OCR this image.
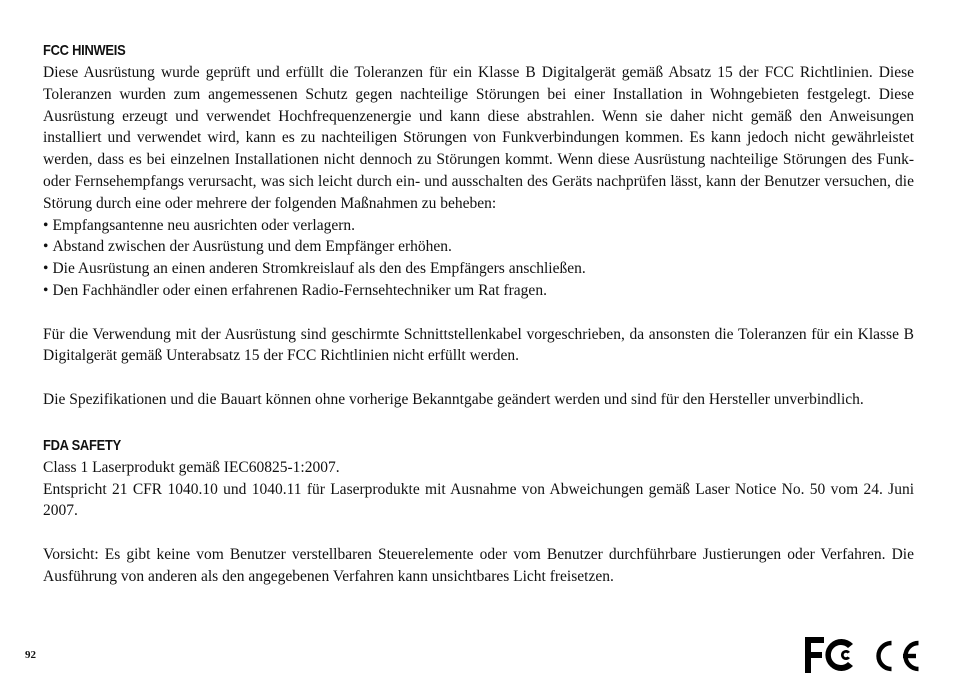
FCC HINWEIS

Diese Ausrüstung wurde geprüft und erfüllt die Toleranzen für ein Klasse B Digitalgerät gemäß Absatz 15 der FCC Richtlinien. Diese Toleranzen wurden zum angemessenen Schutz gegen nachteilige Störungen bei einer Installation in Wohngebieten festgelegt. Diese Ausrüstung erzeugt und verwendet Hochfrequenzenergie und kann diese abstrahlen. Wenn sie daher nicht gemäß den Anweisungen installiert und verwendet wird, kann es zu nachteiligen Störungen von Funkverbindungen kommen. Es kann jedoch nicht gewährleistet werden, dass es bei einzelnen Installationen nicht dennoch zu Störungen kommt. Wenn diese Ausrüstung nachteilige Störungen des Funk- oder Fernsehempfangs verursacht, was sich leicht durch ein- und ausschalten des Geräts nachprüfen lässt, kann der Benutzer versuchen, die Störung durch eine oder mehrere der folgenden Maßnahmen zu beheben:

• Empfangsantenne neu ausrichten oder verlagern.
• Abstand zwischen der Ausrüstung und dem Empfänger erhöhen.
• Die Ausrüstung an einen anderen Stromkreislauf als den des Empfängers anschließen.
• Den Fachhändler oder einen erfahrenen Radio-Fernsehtechniker um Rat fragen.

Für die Verwendung mit der Ausrüstung sind geschirmte Schnittstellenkabel vorgeschrieben, da ansonsten die Toleranzen für ein Klasse B Digitalgerät gemäß Unterabsatz 15 der FCC Richtlinien nicht erfüllt werden.

Die Spezifikationen und die Bauart können ohne vorherige Bekanntgabe geändert werden und sind für den Hersteller unverbindlich.

FDA SAFETY

Class 1 Laserprodukt gemäß IEC60825-1:2007.

Entspricht 21 CFR 1040.10 und 1040.11 für Laserprodukte mit Ausnahme von Abweichungen gemäß Laser Notice No. 50 vom 24. Juni 2007.

Vorsicht: Es gibt keine vom Benutzer verstellbaren Steuerelemente oder vom Benutzer durchführbare Justierungen oder Verfahren. Die Ausführung von anderen als den angegebenen Verfahren kann unsichtbares Licht freisetzen.

92
